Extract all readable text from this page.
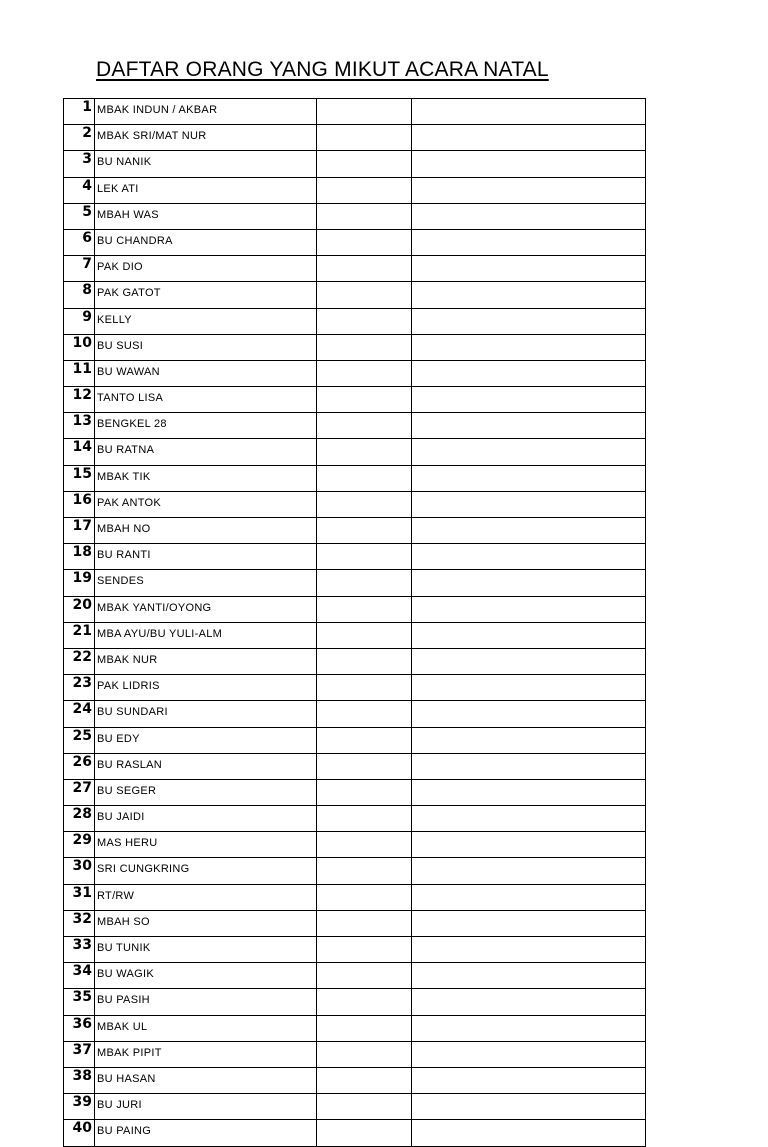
DAFTAR ORANG YANG MIKUT ACARA NATAL
1	MBAK INDUN / AKBAR		
2	MBAK SRI/MAT NUR		
3	BU NANIK		
4	LEK ATI		
5	MBAH WAS		
6	BU CHANDRA		
7	PAK DIO		
8	PAK GATOT		
9	KELLY		
10	BU SUSI		
11	BU WAWAN		
12	TANTO LISA		
13	BENGKEL 28		
14	BU RATNA		
15	MBAK TIK		
16	PAK ANTOK		
17	MBAH NO		
18	BU RANTI		
19	SENDES		
20	MBAK YANTI/OYONG		
21	MBA AYU/BU YULI-ALM		
22	MBAK NUR		
23	PAK LIDRIS		
24	BU SUNDARI		
25	BU EDY		
26	BU RASLAN		
27	BU SEGER		
28	BU JAIDI		
29	MAS HERU		
30	SRI CUNGKRING		
31	RT/RW		
32	MBAH SO		
33	BU TUNIK		
34	BU WAGIK		
35	BU PASIH		
36	MBAK UL		
37	MBAK PIPIT		
38	BU HASAN		
39	BU JURI		
40	BU PAING		
